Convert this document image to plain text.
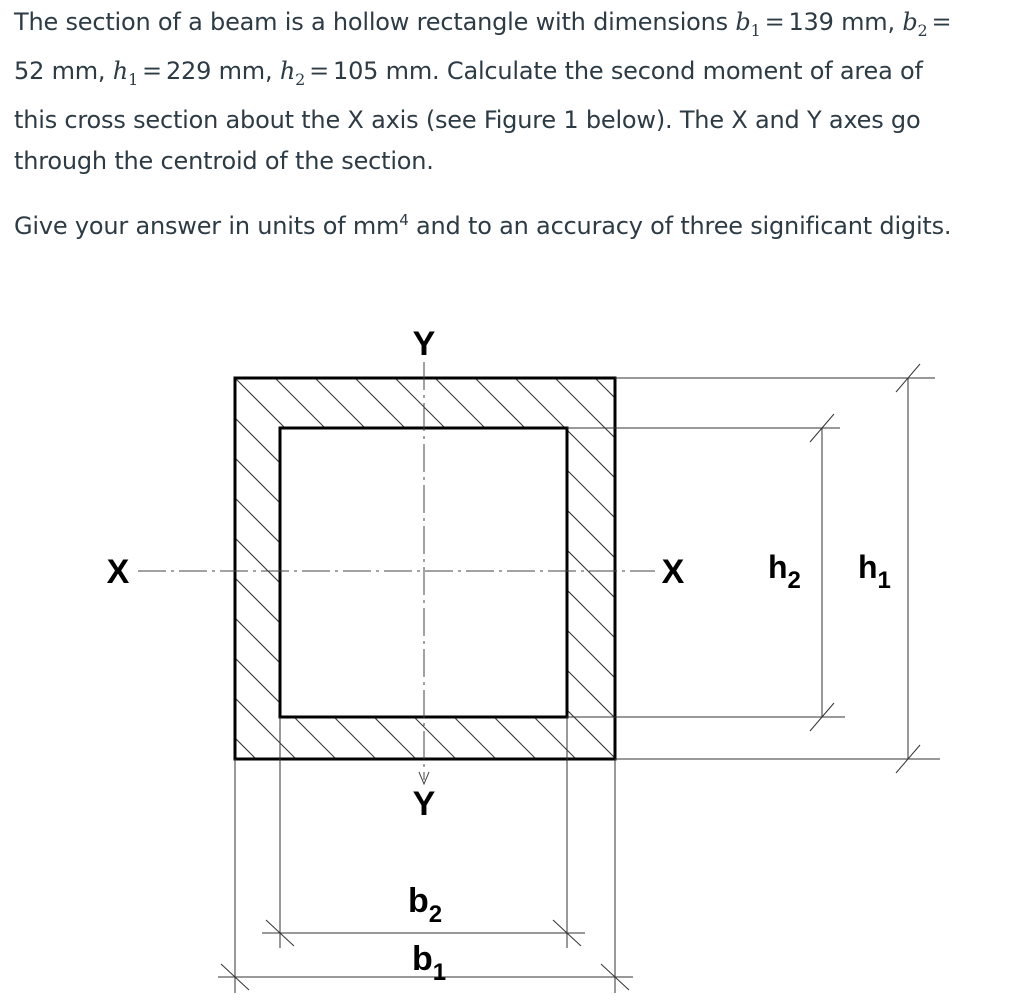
The section of a beam is a hollow rectangle with dimensions $b_1 = 139$ mm, $b_2$ =
52 mm, $h_1 = 229$ mm, $h_2 = 105$ mm. Calculate the second moment of area of
this cross section about the X axis (see Figure 1 below). The X and Y axes go
through the centroid of the section.

Give your answer in units of $mm^4$ and to an accuracy of three significant digits.

Y
Y
X	X	$h_2$ $h_1$
$b_2$
$b_1$
